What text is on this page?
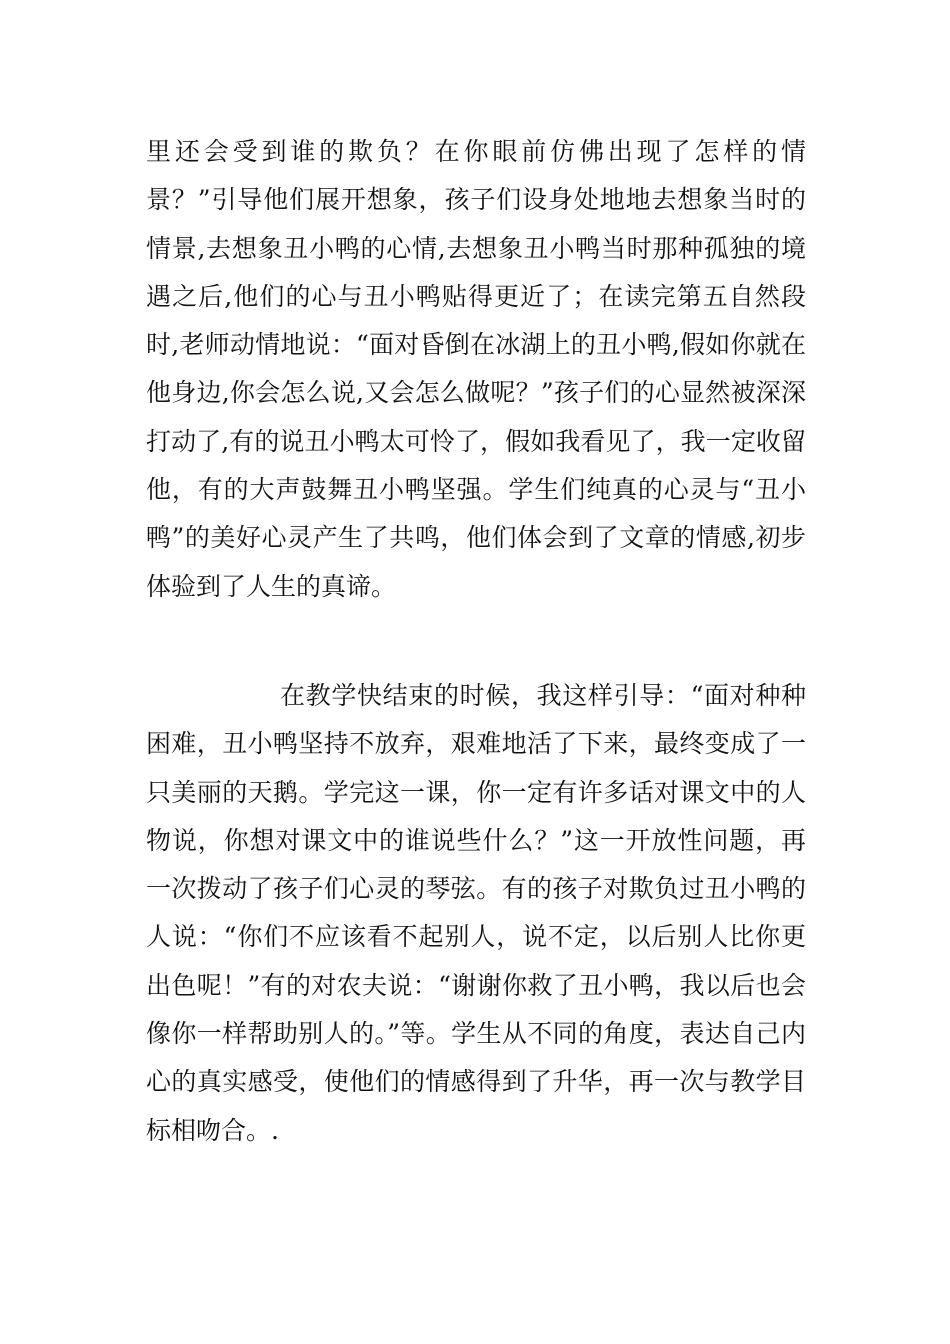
里还会受到谁的欺负？在你眼前仿佛出现了怎样的情景？”引导他们展开想象，孩子们设身处地地去想象当时的情景,去想象丑小鸭的心情,去想象丑小鸭当时那种孤独的境遇之后,他们的心与丑小鸭贴得更近了；在读完第五自然段时,老师动情地说：“面对昏倒在冰湖上的丑小鸭,假如你就在他身边,你会怎么说,又会怎么做呢？”孩子们的心显然被深深打动了,有的说丑小鸭太可怜了，假如我看见了，我一定收留他，有的大声鼓舞丑小鸭坚强。学生们纯真的心灵与“丑小鸭”的美好心灵产生了共鸣，他们体会到了文章的情感,初步体验到了人生的真谛。

在教学快结束的时候，我这样引导：“面对种种困难，丑小鸭坚持不放弃，艰难地活了下来，最终变成了一只美丽的天鹅。学完这一课，你一定有许多话对课文中的人物说，你想对课文中的谁说些什么？”这一开放性问题，再一次拨动了孩子们心灵的琴弦。有的孩子对欺负过丑小鸭的人说：“你们不应该看不起别人，说不定，以后别人比你更出色呢！”有的对农夫说：“谢谢你救了丑小鸭，我以后也会像你一样帮助别人的。”等。学生从不同的角度，表达自己内心的真实感受，使他们的情感得到了升华，再一次与教学目标相吻合。.
